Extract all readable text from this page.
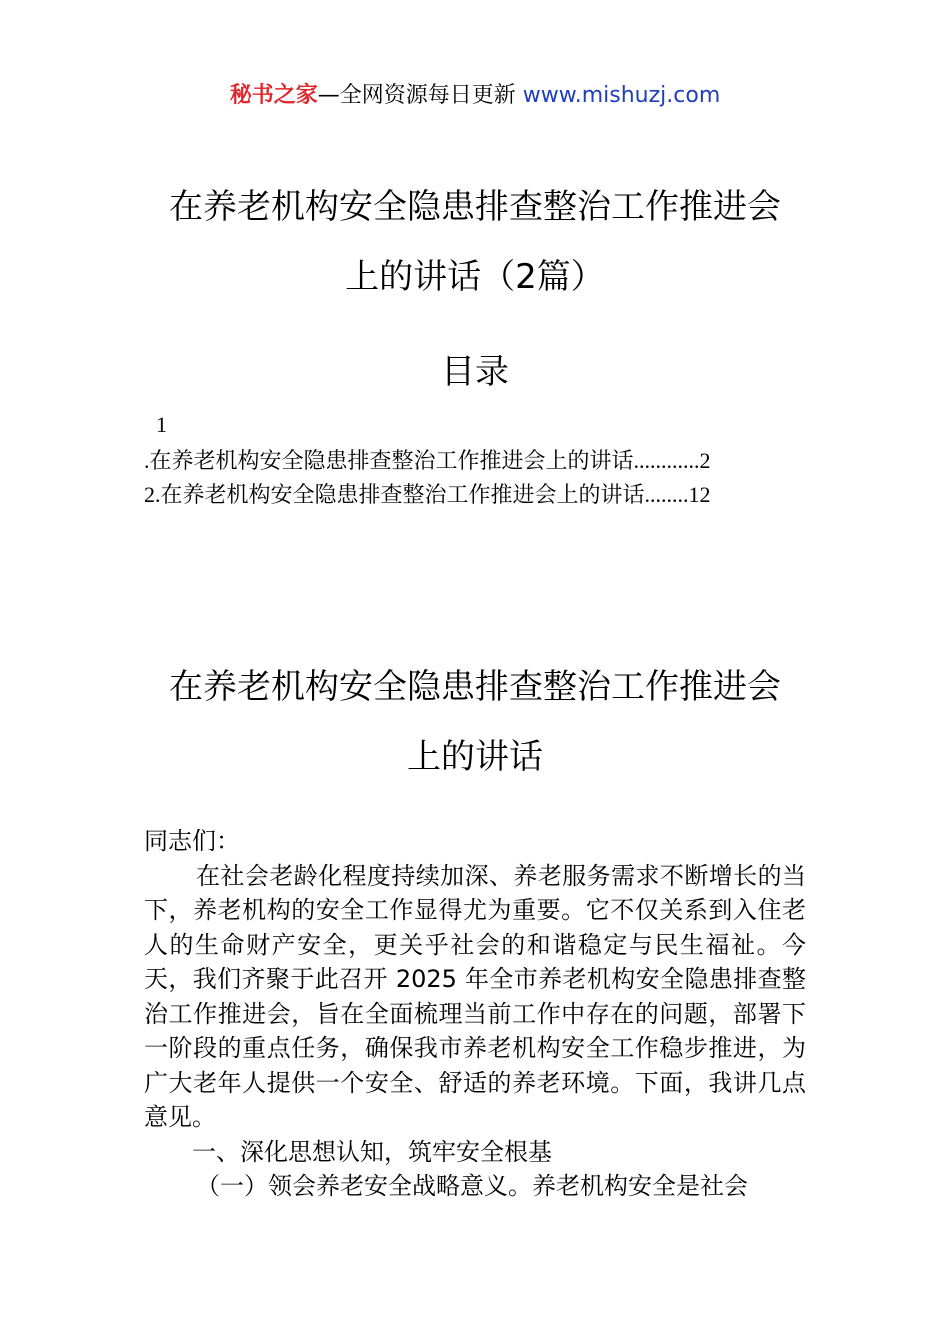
秘书之家—全网资源每日更新 www.mishuzj.com
在养老机构安全隐患排查整治工作推进会
上的讲话（2篇）
目录
1
.在养老机构安全隐患排查整治工作推进会上的讲话............2
2.在养老机构安全隐患排查整治工作推进会上的讲话........12
在养老机构安全隐患排查整治工作推进会
上的讲话

同志们：

在社会老龄化程度持续加深、养老服务需求不断增长的当下，养老机构的安全工作显得尤为重要。它不仅关系到入住老人的生命财产安全，更关乎社会的和谐稳定与民生福祉。今天，我们齐聚于此召开 2025 年全市养老机构安全隐患排查整治工作推进会，旨在全面梳理当前工作中存在的问题，部署下一阶段的重点任务，确保我市养老机构安全工作稳步推进，为广大老年人提供一个安全、舒适的养老环境。下面，我讲几点意见。

一、深化思想认知，筑牢安全根基

（一）领会养老安全战略意义。养老机构安全是社会
